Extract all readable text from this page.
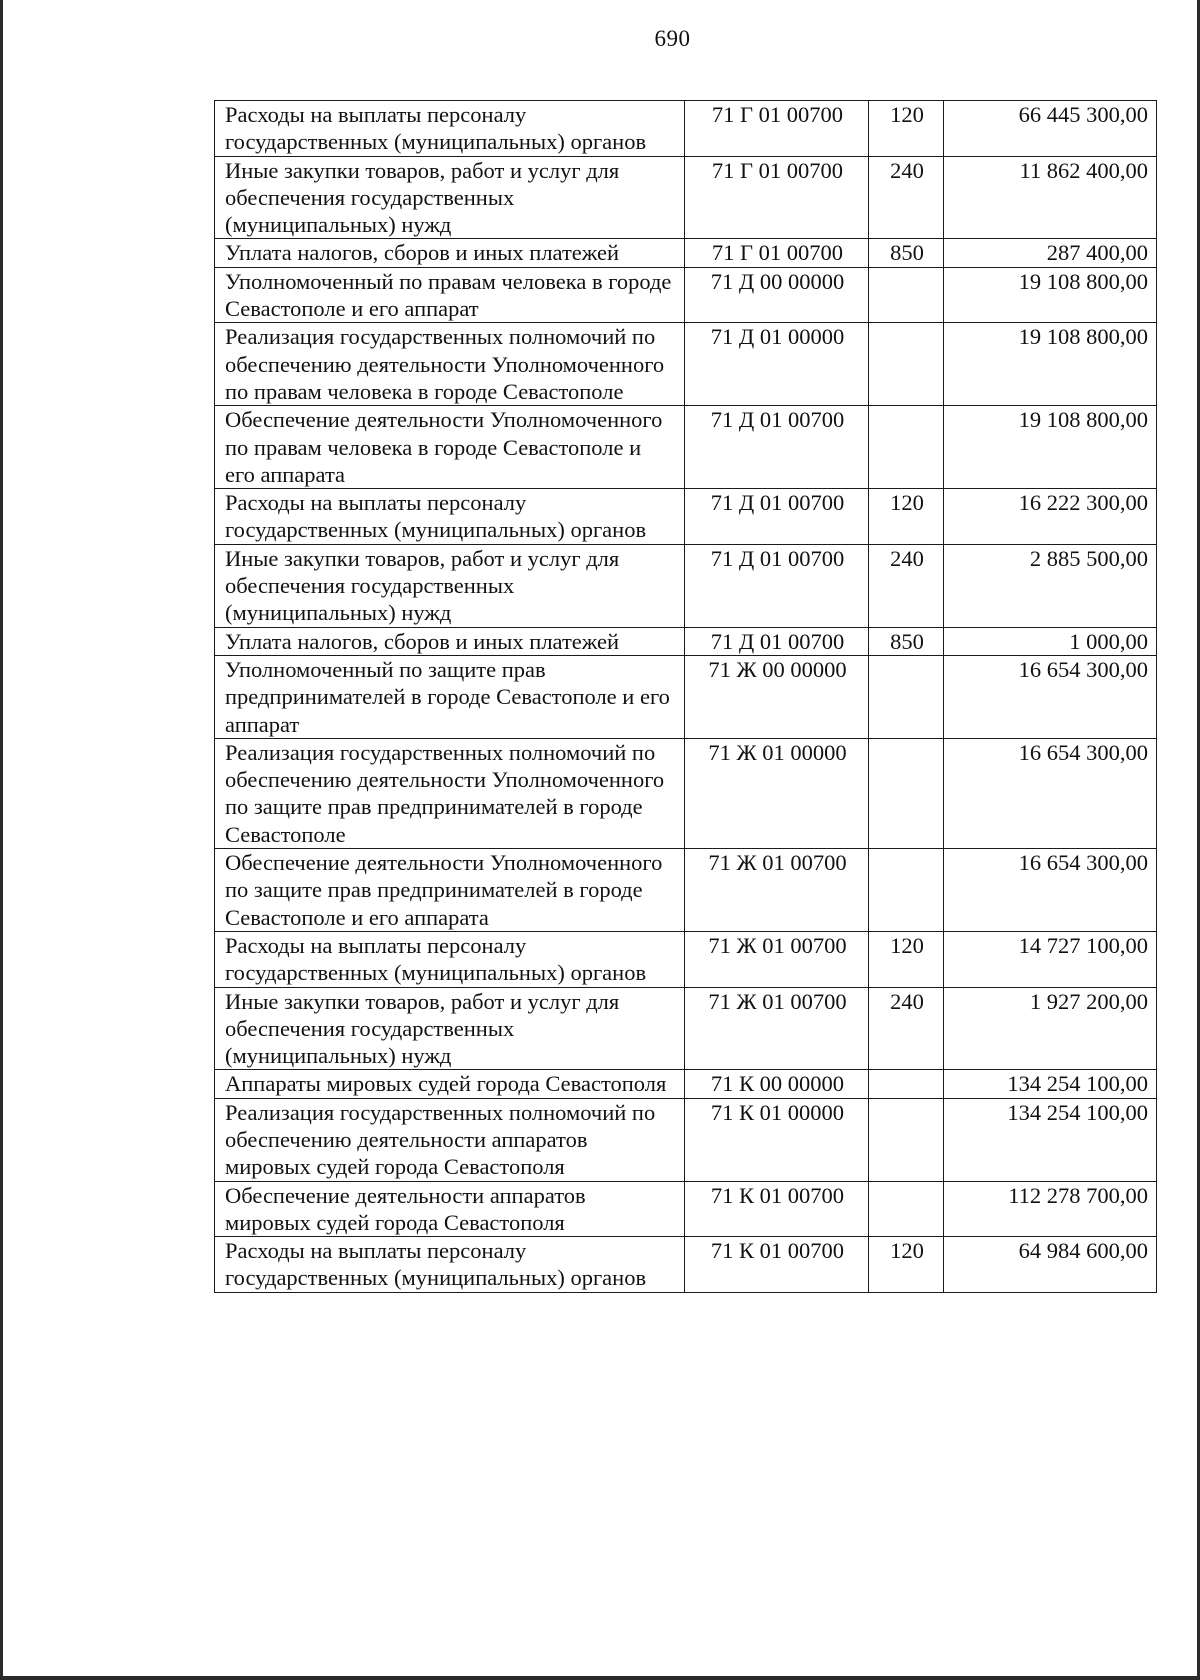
690
Расходы на выплаты персоналу государственных (муниципальных) органов	71 Г 01 00700	120	66 445 300,00
Иные закупки товаров, работ и услуг для обеспечения государственных (муниципальных) нужд	71 Г 01 00700	240	11 862 400,00
Уплата налогов, сборов и иных платежей	71 Г 01 00700	850	287 400,00
Уполномоченный по правам человека в городе Севастополе и его аппарат	71 Д 00 00000		19 108 800,00
Реализация государственных полномочий по обеспечению деятельности Уполномоченного по правам человека в городе Севастополе	71 Д 01 00000		19 108 800,00
Обеспечение деятельности Уполномоченного по правам человека в городе Севастополе и его аппарата	71 Д 01 00700		19 108 800,00
Расходы на выплаты персоналу государственных (муниципальных) органов	71 Д 01 00700	120	16 222 300,00
Иные закупки товаров, работ и услуг для обеспечения государственных (муниципальных) нужд	71 Д 01 00700	240	2 885 500,00
Уплата налогов, сборов и иных платежей	71 Д 01 00700	850	1 000,00
Уполномоченный по защите прав предпринимателей в городе Севастополе и его аппарат	71 Ж 00 00000		16 654 300,00
Реализация государственных полномочий по обеспечению деятельности Уполномоченного по защите прав предпринимателей в городе Севастополе	71 Ж 01 00000		16 654 300,00
Обеспечение деятельности Уполномоченного по защите прав предпринимателей в городе Севастополе и его аппарата	71 Ж 01 00700		16 654 300,00
Расходы на выплаты персоналу государственных (муниципальных) органов	71 Ж 01 00700	120	14 727 100,00
Иные закупки товаров, работ и услуг для обеспечения государственных (муниципальных) нужд	71 Ж 01 00700	240	1 927 200,00
Аппараты мировых судей города Севастополя	71 К 00 00000		134 254 100,00
Реализация государственных полномочий по обеспечению деятельности аппаратов мировых судей города Севастополя	71 К 01 00000		134 254 100,00
Обеспечение деятельности аппаратов мировых судей города Севастополя	71 К 01 00700		112 278 700,00
Расходы на выплаты персоналу государственных (муниципальных) органов	71 К 01 00700	120	64 984 600,00
